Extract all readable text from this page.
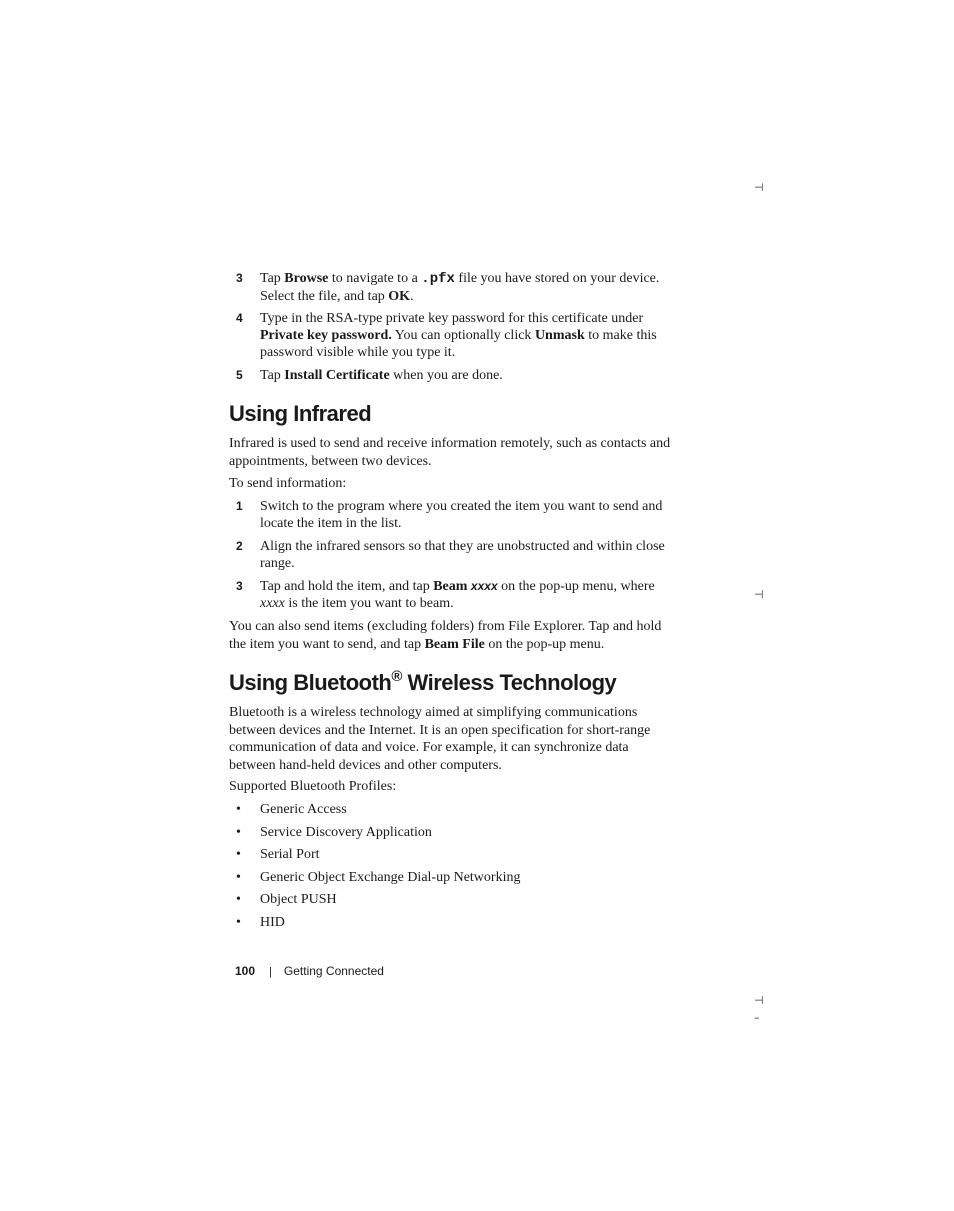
⊣
⊣
⊣
–
3 Tap Browse to navigate to a .pfx file you have stored on your device. Select the file, and tap OK.
4 Type in the RSA-type private key password for this certificate under Private key password. You can optionally click Unmask to make this password visible while you type it.
5 Tap Install Certificate when you are done.
Using Infrared
Infrared is used to send and receive information remotely, such as contacts and appointments, between two devices.
To send information:
1 Switch to the program where you created the item you want to send and locate the item in the list.
2 Align the infrared sensors so that they are unobstructed and within close range.
3 Tap and hold the item, and tap Beam xxxx on the pop-up menu, where xxxx is the item you want to beam.
You can also send items (excluding folders) from File Explorer. Tap and hold the item you want to send, and tap Beam File on the pop-up menu.
Using Bluetooth® Wireless Technology
Bluetooth is a wireless technology aimed at simplifying communications between devices and the Internet. It is an open specification for short-range communication of data and voice. For example, it can synchronize data between hand-held devices and other computers.
Supported Bluetooth Profiles:
• Generic Access
• Service Discovery Application
• Serial Port
• Generic Object Exchange Dial-up Networking
• Object PUSH
• HID
100 | Getting Connected
